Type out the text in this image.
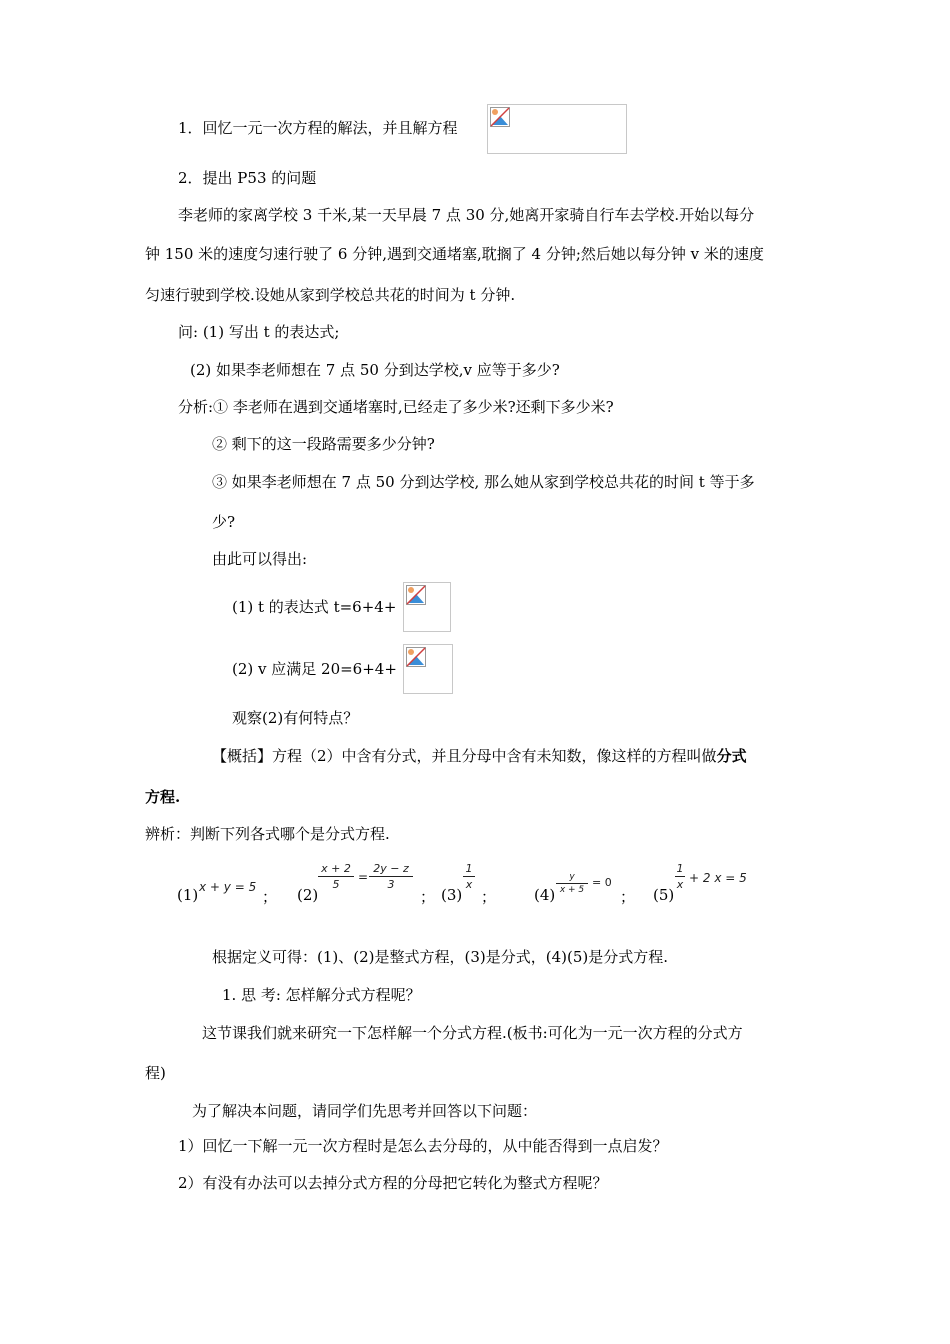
1．回忆一元一次方程的解法，并且解方程
2．提出 P53 的问题
李老师的家离学校 3 千米,某一天早晨 7 点 30 分,她离开家骑自行车去学校.开始以每分
钟 150 米的速度匀速行驶了 6 分钟,遇到交通堵塞,耽搁了 4 分钟;然后她以每分钟 v 米的速度
匀速行驶到学校.设她从家到学校总共花的时间为 t 分钟.
问: (1) 写出 t 的表达式;
(2) 如果李老师想在 7 点 50 分到达学校,v 应等于多少?
分析:① 李老师在遇到交通堵塞时,已经走了多少米?还剩下多少米?
② 剩下的这一段路需要多少分钟?
③ 如果李老师想在 7 点 50 分到达学校, 那么她从家到学校总共花的时间 t 等于多
少?
由此可以得出:
(1) t 的表达式 t=6+4+
(2) v 应满足 20=6+4+
观察(2)有何特点？
【概括】方程（2）中含有分式，并且分母中含有未知数，像这样的方程叫做分式
方程.
辨析：判断下列各式哪个是分式方程.
(1) x + y = 5
； (2)
x + 2
5
=
2y − z
3
； (3)
1
x
；	(4)
y
x + 5
= 0
； (5)
1
x + 2 x = 5
根据定义可得：(1)、(2)是整式方程，(3)是分式，(4)(5)是分式方程.
1. 思 考: 怎样解分式方程呢？
这节课我们就来研究一下怎样解一个分式方程.(板书:可化为一元一次方程的分式方
程)
为了解决本问题，请同学们先思考并回答以下问题：
1）回忆一下解一元一次方程时是怎么去分母的，从中能否得到一点启发？
2）有没有办法可以去掉分式方程的分母把它转化为整式方程呢？
